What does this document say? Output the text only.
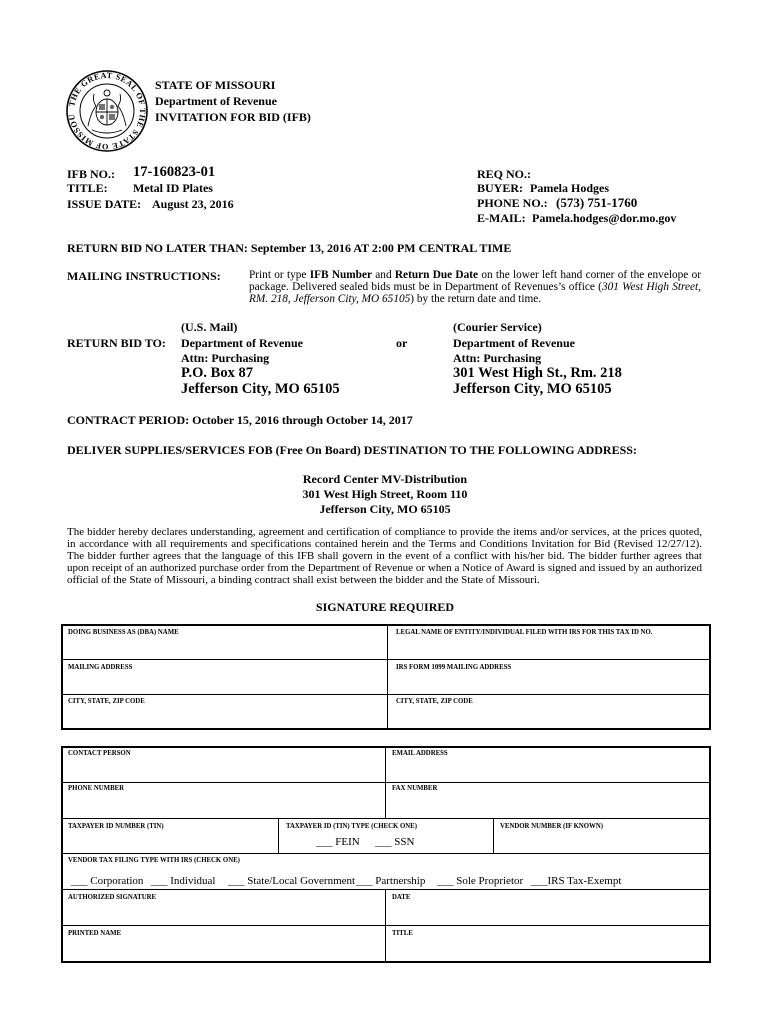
THE GREAT SEAL OF THE STATE OF MISSOU
STATE OF MISSOURI
Department of Revenue
INVITATION FOR BID (IFB)
IFB NO.: 17-160823-01
TITLE: Metal ID Plates
ISSUE DATE: August 23, 2016
REQ NO.:
BUYER: Pamela Hodges
PHONE NO.: (573) 751-1760
E-MAIL: Pamela.hodges@dor.mo.gov
RETURN BID NO LATER THAN: September 13, 2016 AT 2:00 PM CENTRAL TIME
MAILING INSTRUCTIONS:	Print or type IFB Number and Return Due Date on the lower left hand corner of the envelope or package. Delivered sealed bids must be in Department of Revenues’s office (301 West High Street, RM. 218, Jefferson City, MO 65105) by the return date and time.
RETURN BID TO:	or
(U.S. Mail)
Department of Revenue
Attn: Purchasing
P.O. Box 87
Jefferson City, MO 65105
(Courier Service)
Department of Revenue
Attn: Purchasing
301 West High St., Rm. 218
Jefferson City, MO 65105
CONTRACT PERIOD: October 15, 2016 through October 14, 2017
DELIVER SUPPLIES/SERVICES FOB (Free On Board) DESTINATION TO THE FOLLOWING ADDRESS:
Record Center MV-Distribution
301 West High Street, Room 110
Jefferson City, MO 65105
The bidder hereby declares understanding, agreement and certification of compliance to provide the items and/or services, at the prices quoted, in accordance with all requirements and specifications contained herein and the Terms and Conditions Invitation for Bid (Revised 12/27/12). The bidder further agrees that the language of this IFB shall govern in the event of a conflict with his/her bid. The bidder further agrees that upon receipt of an authorized purchase order from the Department of Revenue or when a Notice of Award is signed and issued by an authorized official of the State of Missouri, a binding contract shall exist between the bidder and the State of Missouri.
SIGNATURE REQUIRED
DOING BUSINESS AS (DBA) NAME	LEGAL NAME OF ENTITY/INDIVIDUAL FILED WITH IRS FOR THIS TAX ID NO.
MAILING ADDRESS	IRS FORM 1099 MAILING ADDRESS
CITY, STATE, ZIP CODE	CITY, STATE, ZIP CODE
CONTACT PERSON	EMAIL ADDRESS
PHONE NUMBER	FAX NUMBER
TAXPAYER ID NUMBER (TIN)	TAXPAYER ID (TIN) TYPE (CHECK ONE)	VENDOR NUMBER (IF KNOWN)
___ FEIN ___ SSN
VENDOR TAX FILING TYPE WITH IRS (CHECK ONE)
___ Corporation ___ Individual ___ State/Local Government ___ Partnership ___ Sole Proprietor ___IRS Tax-Exempt
AUTHORIZED SIGNATURE	DATE
PRINTED NAME	TITLE
